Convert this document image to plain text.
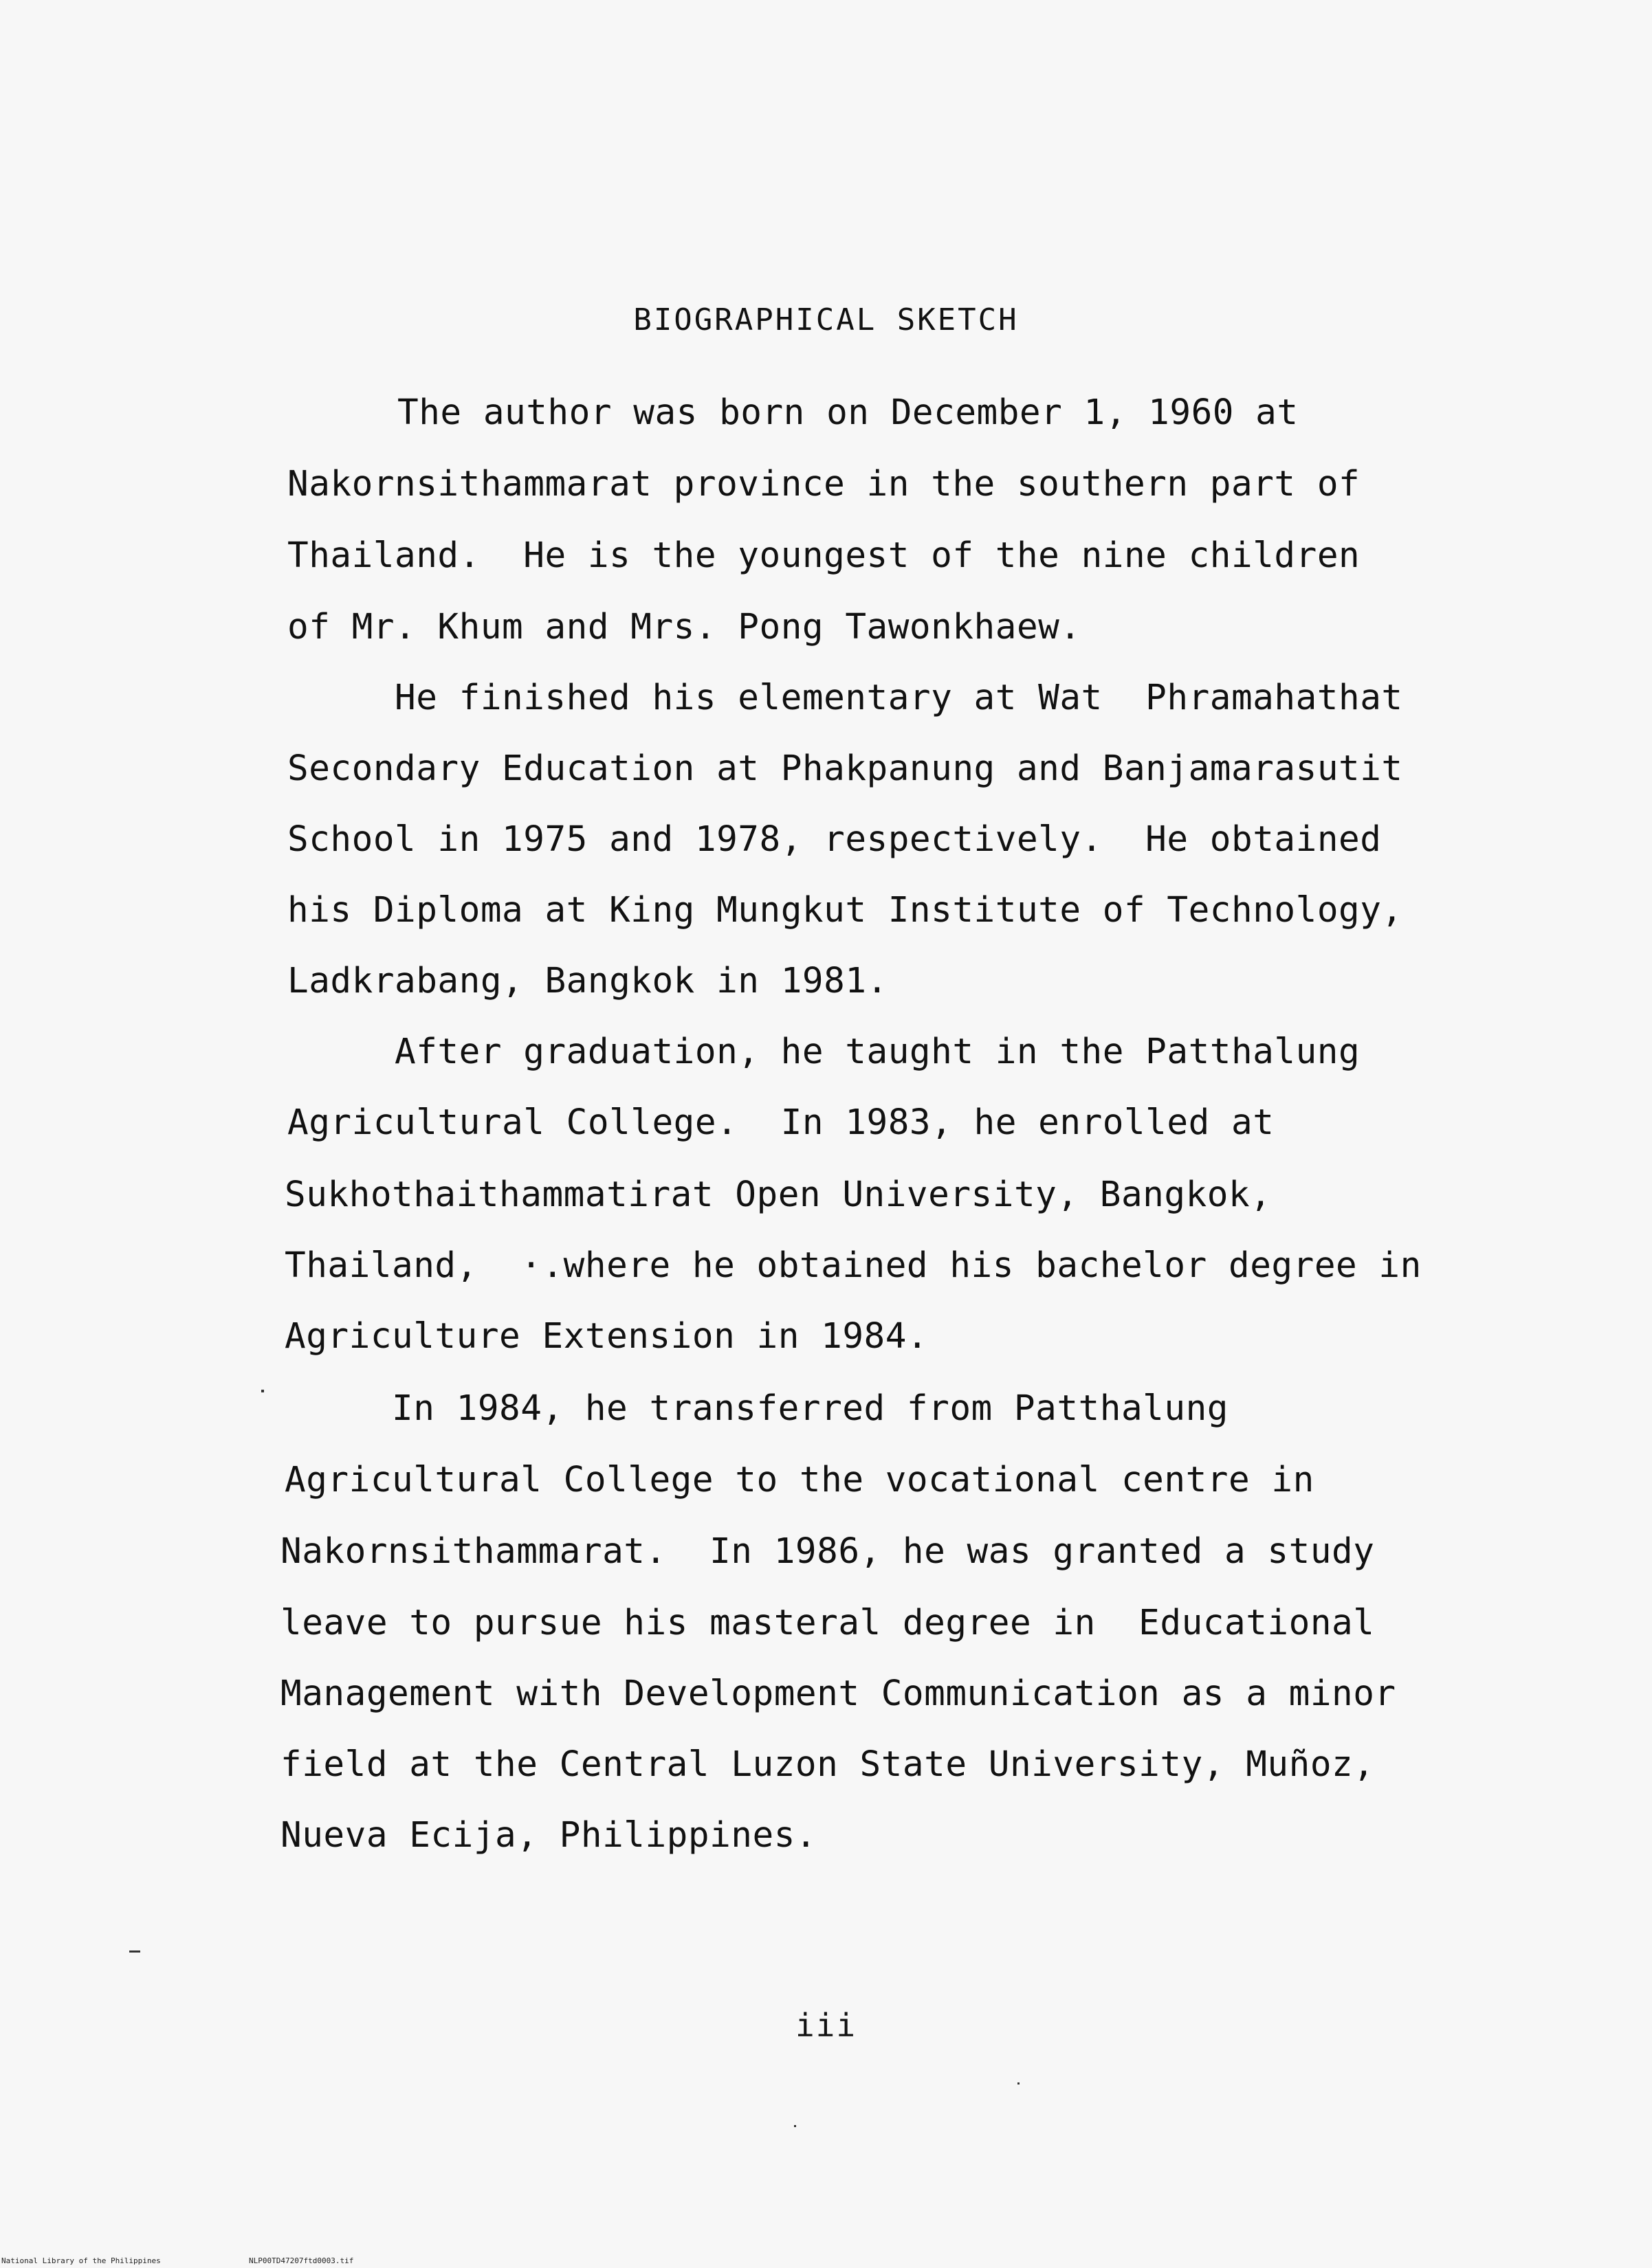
BIOGRAPHICAL SKETCH
The author was born on December 1, 1960 at
Nakornsithammarat province in the southern part of
Thailand.  He is the youngest of the nine children
of Mr. Khum and Mrs. Pong Tawonkhaew.
He finished his elementary at Wat  Phramahathat
Secondary Education at Phakpanung and Banjamarasutit
School in 1975 and 1978, respectively.  He obtained
his Diploma at King Mungkut Institute of Technology,
Ladkrabang, Bangkok in 1981.
After graduation, he taught in the Patthalung
Agricultural College.  In 1983, he enrolled at
Sukhothaithammatirat Open University, Bangkok,
Thailand,  ·.where he obtained his bachelor degree in
Agriculture Extension in 1984.
In 1984, he transferred from Patthalung
Agricultural College to the vocational centre in
Nakornsithammarat.  In 1986, he was granted a study
leave to pursue his masteral degree in  Educational
Management with Development Communication as a minor
field at the Central Luzon State University, Muñoz,
Nueva Ecija, Philippines.
iii
National Library of the Philippines	NLP00TD47207ftd0003.tif
